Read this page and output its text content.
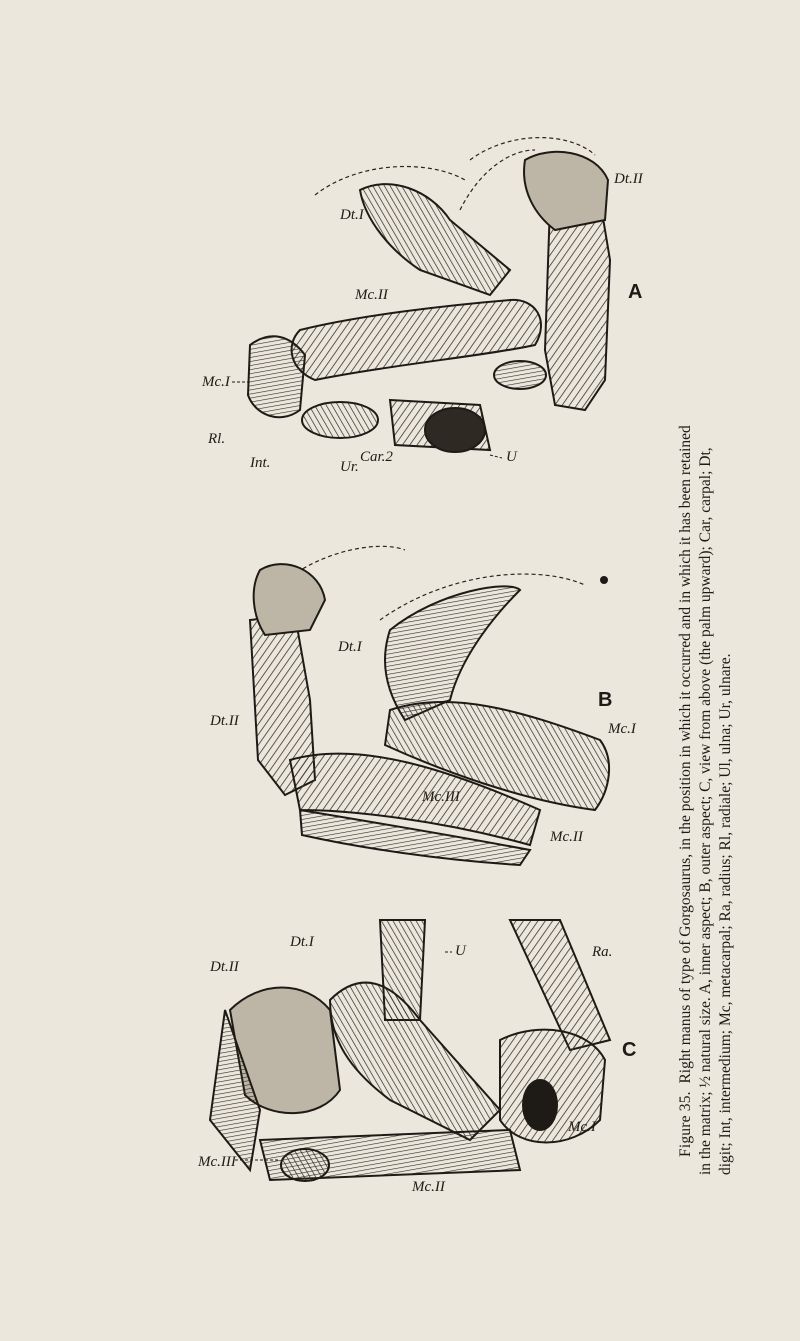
Dt.II
Dt.I
Mc.II
Mc.I
Rl.
Int.	Ur.
Car.2	U
A
Dt.I
Dt.II	Mc.I
Mc.III
Mc.II
B
Dt.I
Dt.II
U	Ra.
Mc.I
Mc.III
Mc.II
C

Figure 35.  Right manus of type of Gorgosaurus, in the position in which it occurred and in which it has been retained in the matrix; ½ natural size. A, inner aspect; B, outer aspect; C, view from above (the palm upward); Car, carpal; Dt, digit; Int, intermedium; Mc, metacarpal; Ra, radius; Rl, radiale; Ul, ulna; Ur, ulnare.
